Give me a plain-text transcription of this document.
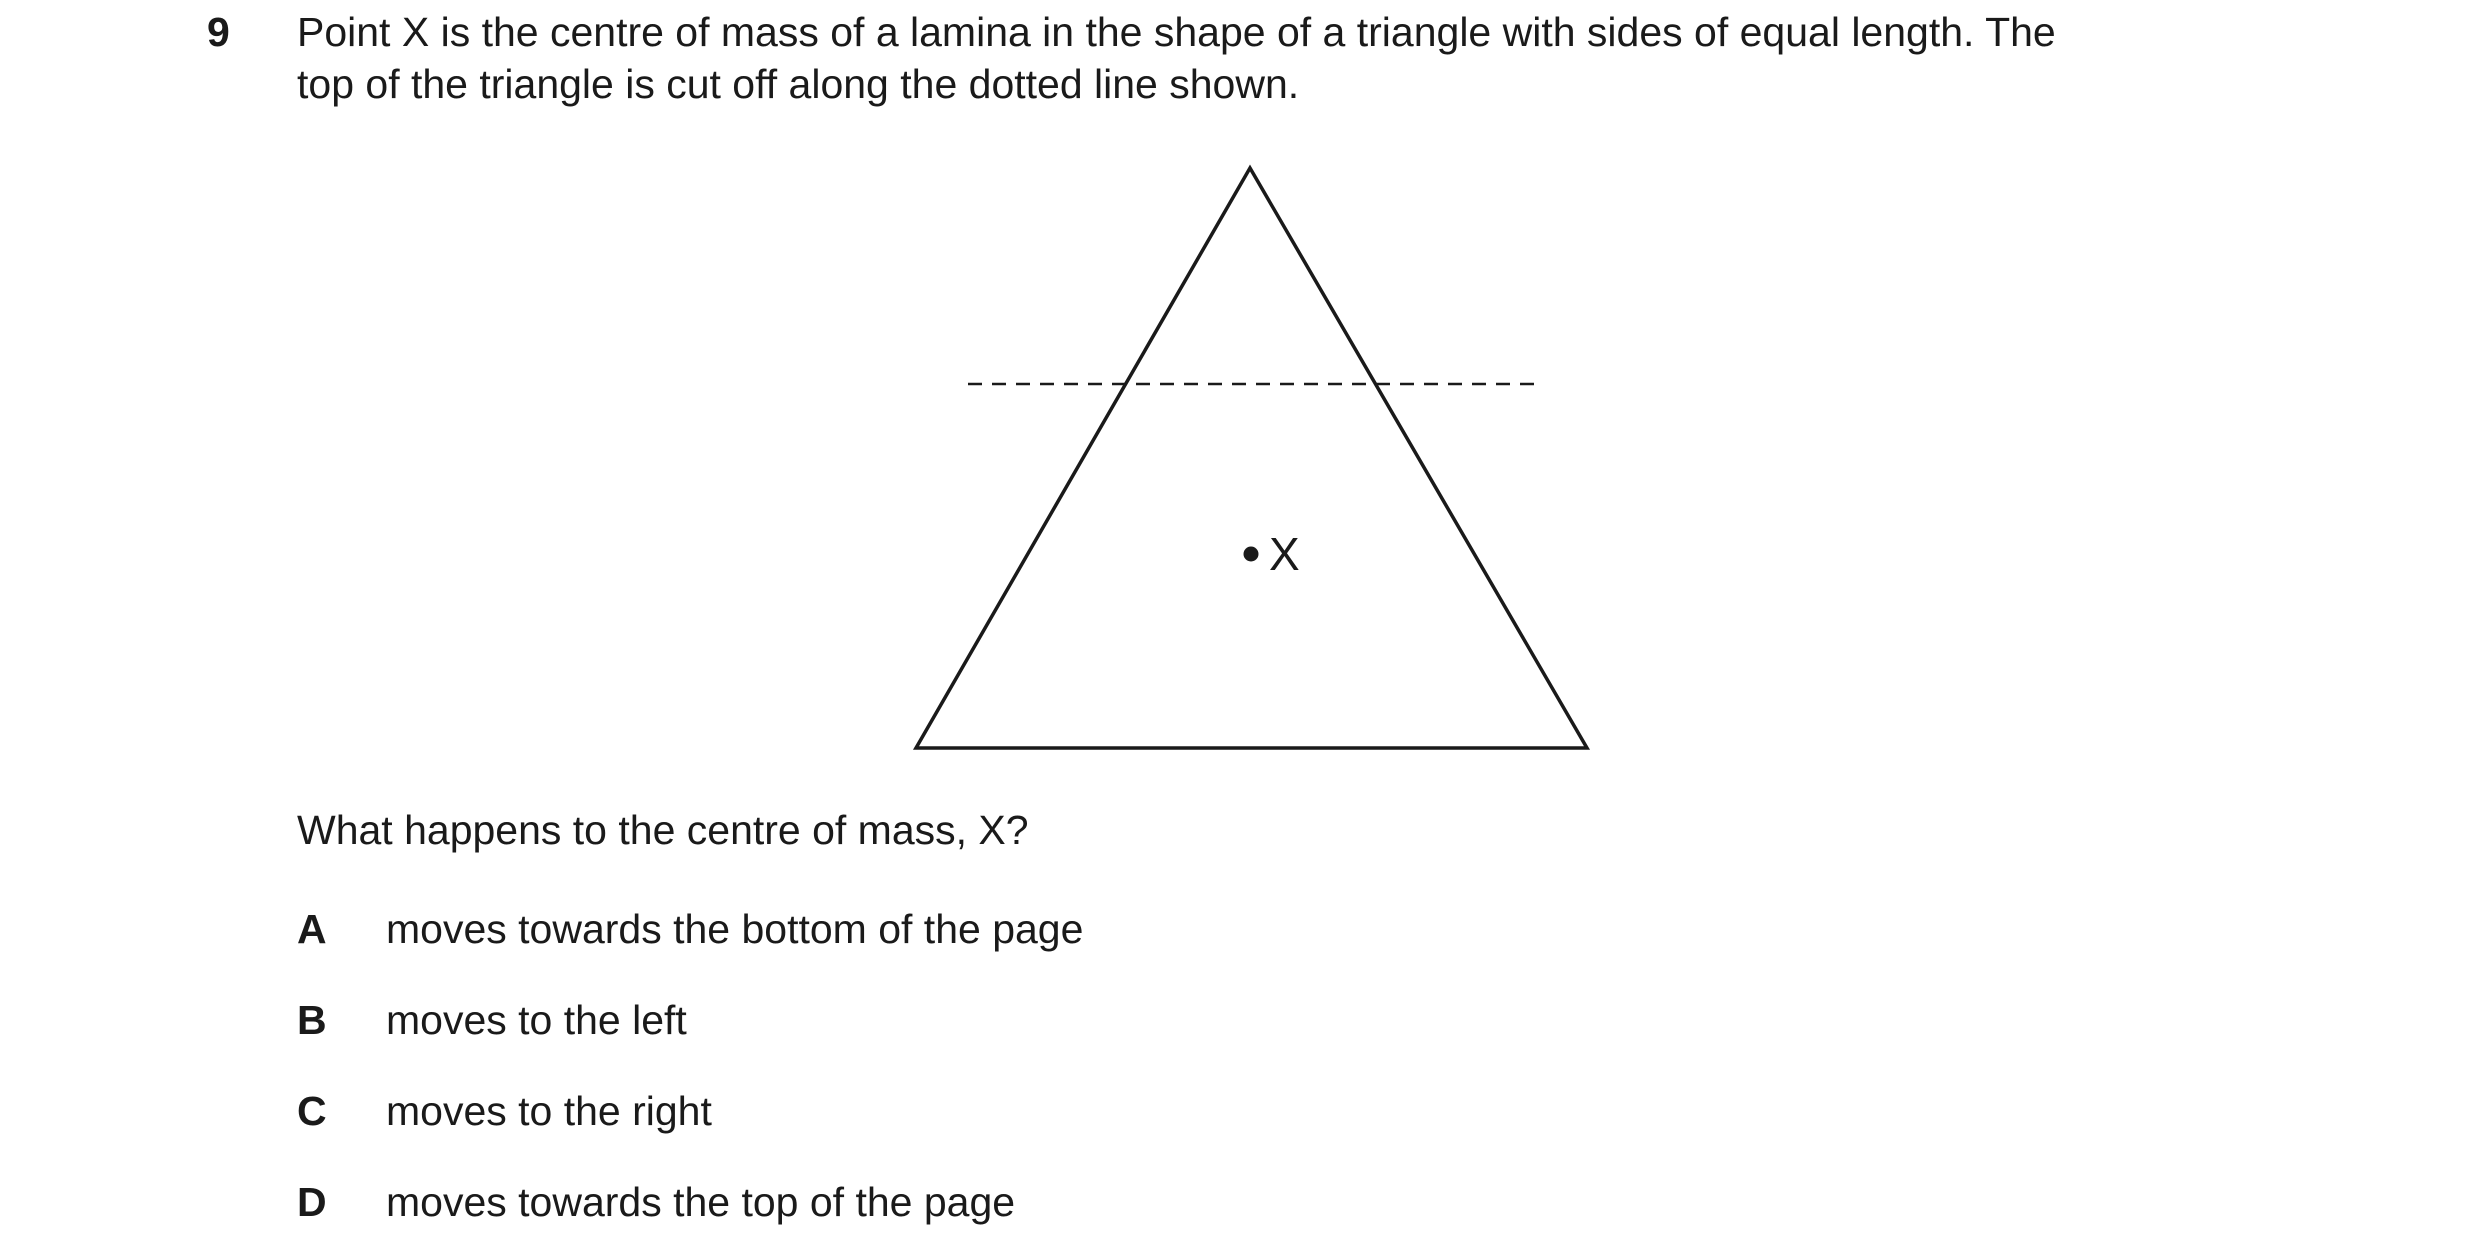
9 Point X is the centre of mass of a lamina in the shape of a triangle with sides of equal length. The
top of the triangle is cut off along the dotted line shown.
X
What happens to the centre of mass, X?
A moves towards the bottom of the page
B moves to the left
C moves to the right
D moves towards the top of the page
